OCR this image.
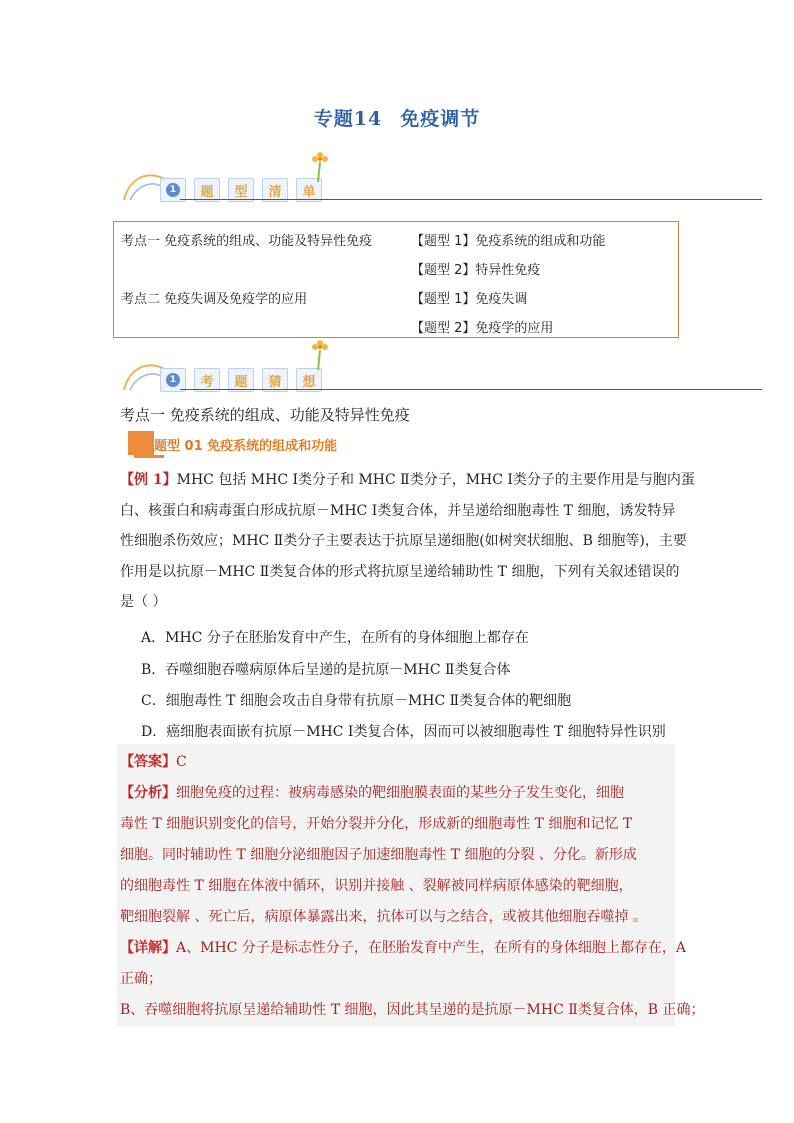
专题14 免疫调节
1	题	型	清	单
考点一 免疫系统的组成、功能及特异性免疫	【题型 1】免疫系统的组成和功能
【题型 2】特异性免疫
考点二 免疫失调及免疫学的应用	【题型 1】免疫失调
【题型 2】免疫学的应用
1	考	题	猜	想
考点一 免疫系统的组成、功能及特异性免疫
题型 01 免疫系统的组成和功能

【例 1】MHC 包括 MHC Ⅰ类分子和 MHC Ⅱ类分子，MHC Ⅰ类分子的主要作用是与胞内蛋

白、核蛋白和病毒蛋白形成抗原－MHC Ⅰ类复合体，并呈递给细胞毒性 T 细胞，诱发特异

性细胞杀伤效应；MHC Ⅱ类分子主要表达于抗原呈递细胞(如树突状细胞、B 细胞等)，主要

作用是以抗原－MHC Ⅱ类复合体的形式将抗原呈递给辅助性 T 细胞，下列有关叙述错误的

是（ ）

A．MHC 分子在胚胎发育中产生，在所有的身体细胞上都存在
B．吞噬细胞吞噬病原体后呈递的是抗原－MHC Ⅱ类复合体
C．细胞毒性 T 细胞会攻击自身带有抗原－MHC Ⅱ类复合体的靶细胞
D．癌细胞表面嵌有抗原－MHC Ⅰ类复合体，因而可以被细胞毒性 T 细胞特异性识别
【答案】C
【分析】细胞免疫的过程：被病毒感染的靶细胞膜表面的某些分子发生变化，细胞
毒性 T 细胞识别变化的信号，开始分裂并分化，形成新的细胞毒性 T 细胞和记忆 T
细胞。同时辅助性 T 细胞分泌细胞因子加速细胞毒性 T 细胞的分裂 、分化。新形成
的细胞毒性 T 细胞在体液中循环，识别并接触 、裂解被同样病原体感染的靶细胞，
靶细胞裂解 、死亡后，病原体暴露出来，抗体可以与之结合，或被其他细胞吞噬掉 。
【详解】A、MHC 分子是标志性分子，在胚胎发育中产生，在所有的身体细胞上都存在，A
正确；
B、吞噬细胞将抗原呈递给辅助性 T 细胞，因此其呈递的是抗原－MHC Ⅱ类复合体，B 正确；
